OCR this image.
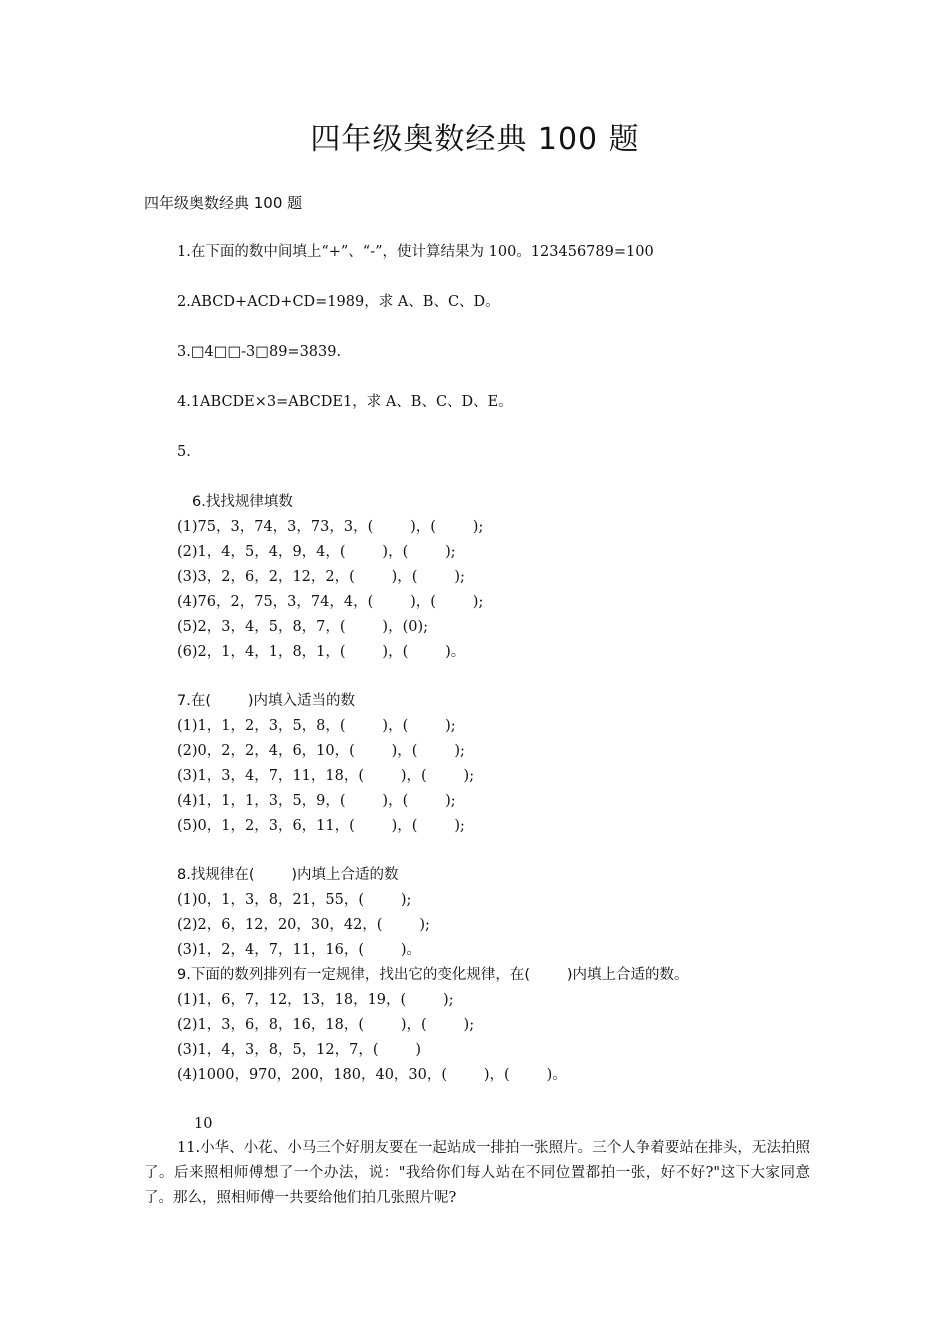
四年级奥数经典 100 题
四年级奥数经典 100 题
1.在下面的数中间填上“+”、“-”，使计算结果为 100。123456789=100
2.ABCD+ACD+CD=1989，求 A、B、C、D。
3.□4□□-3□89=3839.
4.1ABCDE×3=ABCDE1，求 A、B、C、D、E。
5.
6.找找规律填数
(1)75，3，74，3，73，3，(        )，(        );
(2)1，4，5，4，9，4，(        )，(        );
(3)3，2，6，2，12，2，(        )，(        );
(4)76，2，75，3，74，4，(        )，(        );
(5)2，3，4，5，8，7，(        )，(0);
(6)2，1，4，1，8，1，(        )，(        )。
7.在(        )内填入适当的数
(1)1，1，2，3，5，8，(        )，(        );
(2)0，2，2，4，6，10，(        )，(        );
(3)1，3，4，7，11，18，(        )，(        );
(4)1，1，1，3，5，9，(        )，(        );
(5)0，1，2，3，6，11，(        )，(        );
8.找规律在(        )内填上合适的数
(1)0，1，3，8，21，55，(        );
(2)2，6，12，20，30，42，(        );
(3)1，2，4，7，11，16，(        )。
9.下面的数列排列有一定规律，找出它的变化规律，在(        )内填上合适的数。
(1)1，6，7，12，13，18，19，(        );
(2)1，3，6，8，16，18，(        )，(        );
(3)1，4，3，8，5，12，7，(        )
(4)1000，970，200，180，40，30，(        )，(        )。
10
11.小华、小花、小马三个好朋友要在一起站成一排拍一张照片。三个人争着要站在排头，无法拍照了。后来照相师傅想了一个办法，说："我给你们每人站在不同位置都拍一张，好不好?"这下大家同意了。那么，照相师傅一共要给他们拍几张照片呢?
